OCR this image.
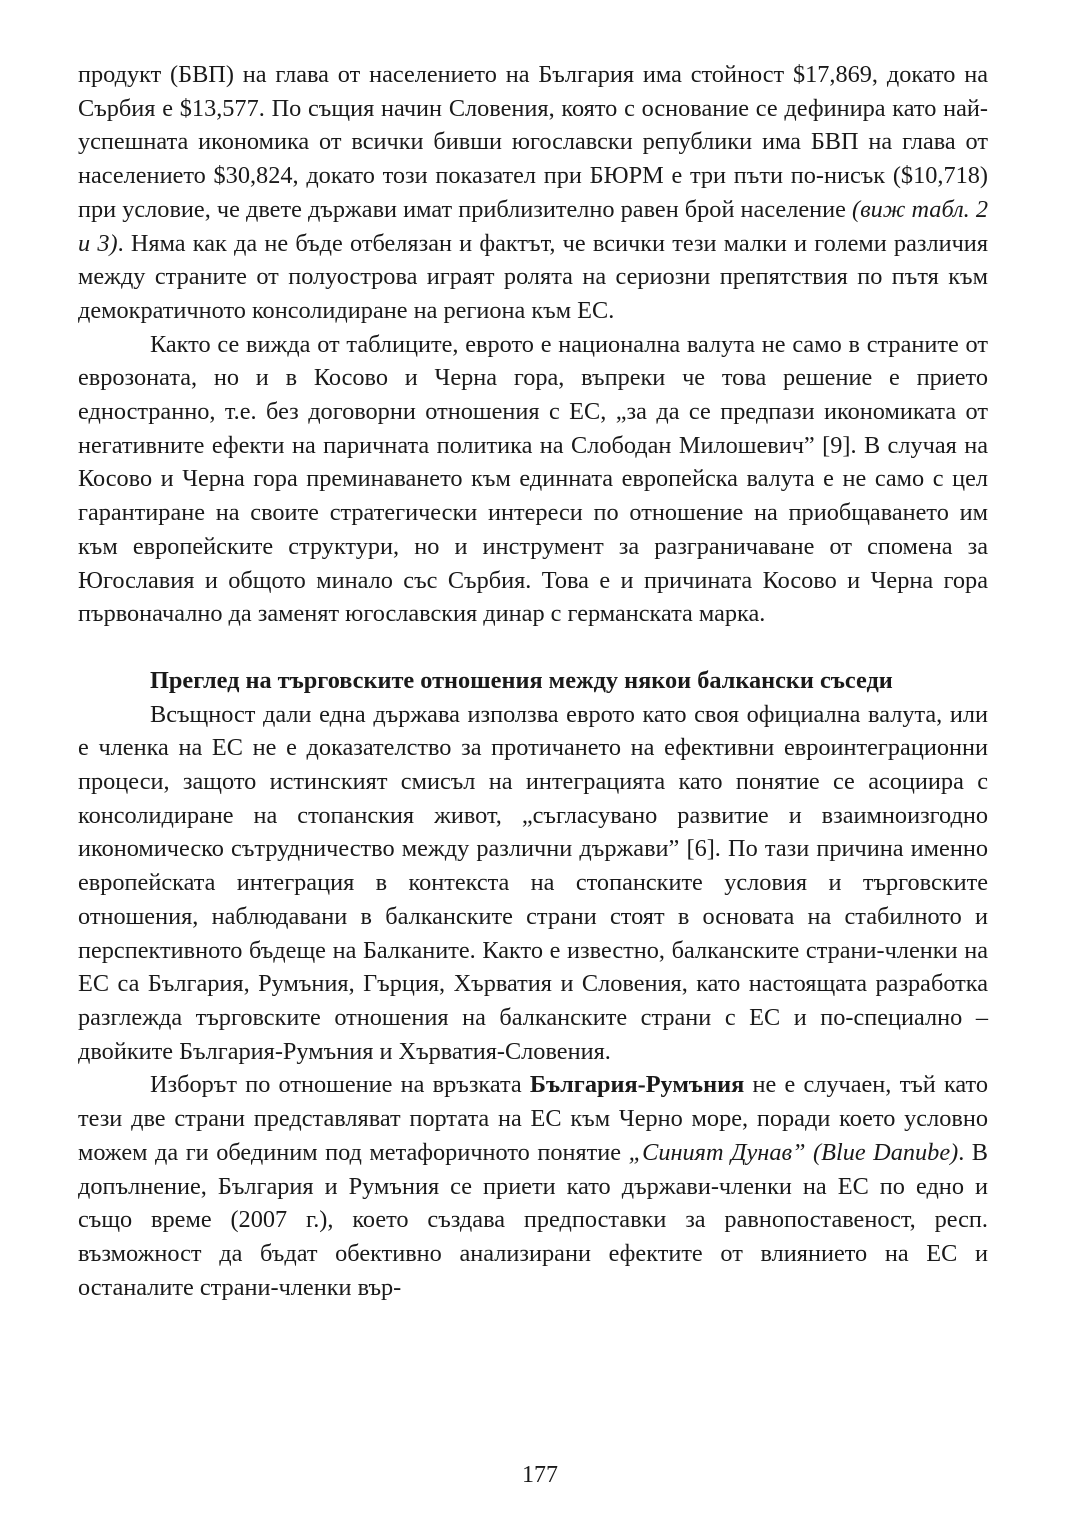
продукт (БВП) на глава от населението на България има стойност $17,869, докато на Сърбия е $13,577. По същия начин Словения, която с основание се дефинира като най-успешната икономика от всички бивши югославски републики има БВП на глава от населението $30,824, докато този показател при БЮРМ е три пъти по-нисък ($10,718) при условие, че двете държави имат приблизително равен брой население (виж табл. 2 и 3). Няма как да не бъде отбелязан и фактът, че всички тези малки и големи различия между страните от полуострова играят ролята на сериозни препятствия по пътя към демократичното консолидиране на региона към ЕС.

Както се вижда от таблиците, еврото е национална валута не само в страните от еврозоната, но и в Косово и Черна гора, въпреки че това решение е прието едностранно, т.е. без договорни отношения с ЕС, „за да се предпази икономиката от негативните ефекти на паричната политика на Слободан Милошевич” [9]. В случая на Косово и Черна гора преминаването към единната европейска валута е не само с цел гарантиране на своите стратегически интереси по отношение на приобщаването им към европейските структури, но и инструмент за разграничаване от спомена за Югославия и общото минало със Сърбия. Това е и причината Косово и Черна гора първоначално да заменят югославския динар с германската марка.

Преглед на търговските отношения между някои балкански съседи

Всъщност дали една държава използва еврото като своя официална валута, или е членка на ЕС не е доказателство за протичането на ефективни евроинтеграционни процеси, защото истинският смисъл на интеграцията като понятие се асоциира с консолидиране на стопанския живот, „съгласувано развитие и взаимноизгодно икономическо сътрудничество между различни държави” [6]. По тази причина именно европейската интеграция в контекста на стопанските условия и търговските отношения, наблюдавани в балканските страни стоят в основата на стабилното и перспективното бъдеще на Балканите. Както е известно, балканските страни-членки на ЕС са България, Румъния, Гърция, Хърватия и Словения, като настоящата разработка разглежда търговските отношения на балканските страни с ЕС и по-специално – двойките България-Румъния и Хърватия-Словения.

Изборът по отношение на връзката България-Румъния не е случаен, тъй като тези две страни представляват портата на ЕС към Черно море, поради което условно можем да ги обединим под метафоричното понятие „Синият Дунав” (Blue Danube). В допълнение, България и Румъния се приети като държави-членки на ЕС по едно и също време (2007 г.), което създава предпоставки за равнопоставеност, респ. възможност да бъдат обективно анализирани ефектите от влиянието на ЕС и останалите страни-членки вър-

177
